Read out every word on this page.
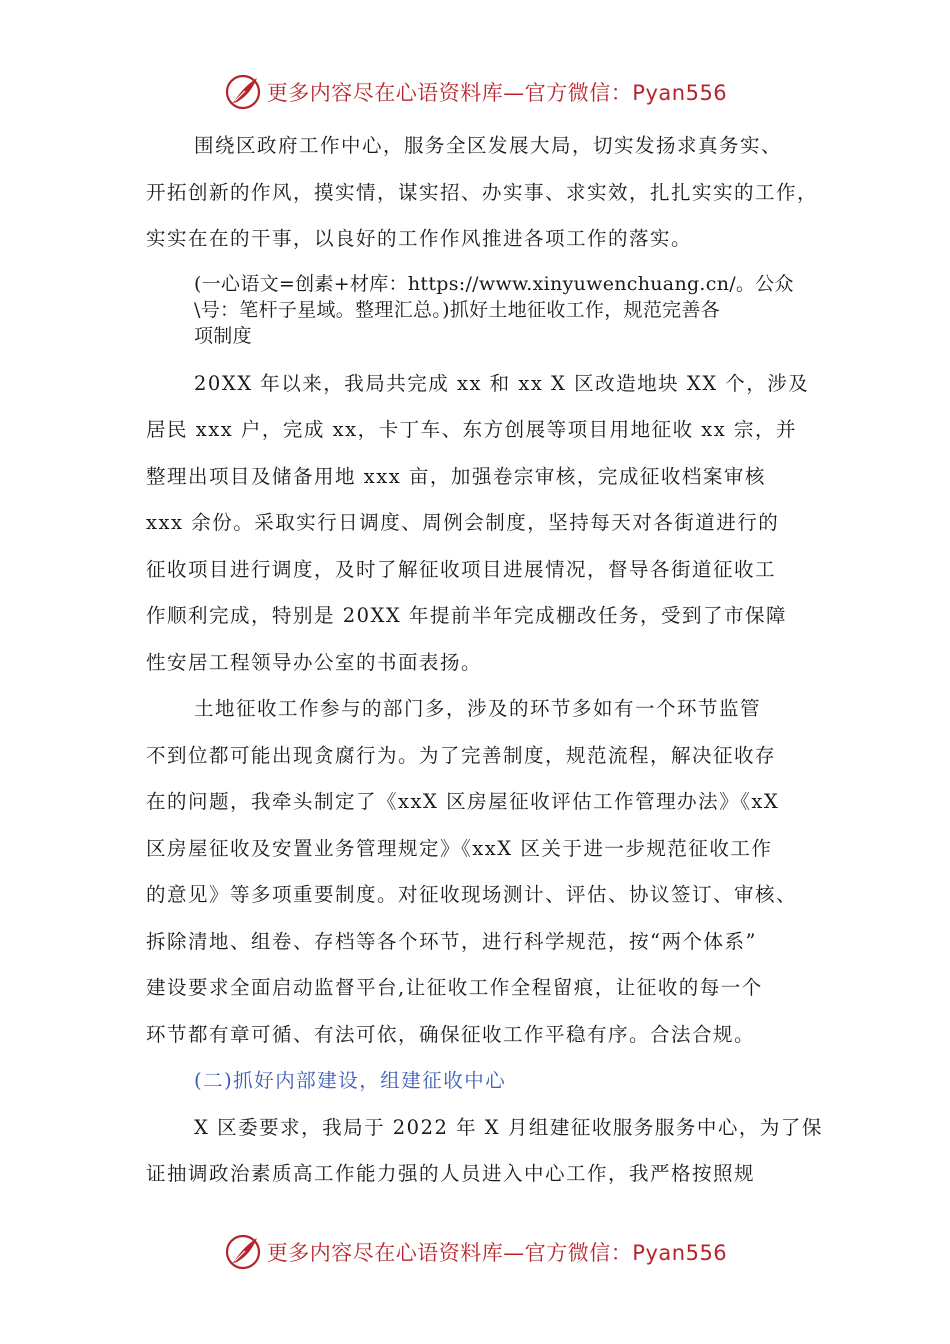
更多内容尽在心语资料库—官方微信：Pyan556
围绕区政府工作中心，服务全区发展大局，切实发扬求真务实、
开拓创新的作风，摸实情，谋实招、办实事、求实效，扎扎实实的工作，
实实在在的干事，以良好的工作作风推进各项工作的落实。
(一心语文=创素+材库：https://www.xinyuwenchuang.cn/。公众
\号：笔杆子星域。整理汇总。)抓好土地征收工作，规范完善各
项制度
20XX 年以来，我局共完成 xx 和 xx X 区改造地块 XX 个，涉及
居民 xxx 户，完成 xx，卡丁车、东方创展等项目用地征收 xx 宗，并
整理出项目及储备用地 xxx 亩，加强卷宗审核，完成征收档案审核
xxx 余份。采取实行日调度、周例会制度，坚持每天对各街道进行的
征收项目进行调度，及时了解征收项目进展情况，督导各街道征收工
作顺利完成，特别是 20XX 年提前半年完成棚改任务，受到了市保障
性安居工程领导办公室的书面表扬。
土地征收工作参与的部门多，涉及的环节多如有一个环节监管
不到位都可能出现贪腐行为。为了完善制度，规范流程，解决征收存
在的问题，我牵头制定了《xxX 区房屋征收评估工作管理办法》《xX
区房屋征收及安置业务管理规定》《xxX 区关于进一步规范征收工作
的意见》等多项重要制度。对征收现场测计、评估、协议签订、审核、
拆除清地、组卷、存档等各个环节，进行科学规范，按“两个体系”
建设要求全面启动监督平台,让征收工作全程留痕，让征收的每一个
环节都有章可循、有法可依，确保征收工作平稳有序。合法合规。
(二)抓好内部建设，组建征收中心
X 区委要求，我局于 2022 年 X 月组建征收服务服务中心，为了保
证抽调政治素质高工作能力强的人员进入中心工作，我严格按照规
更多内容尽在心语资料库—官方微信：Pyan556
